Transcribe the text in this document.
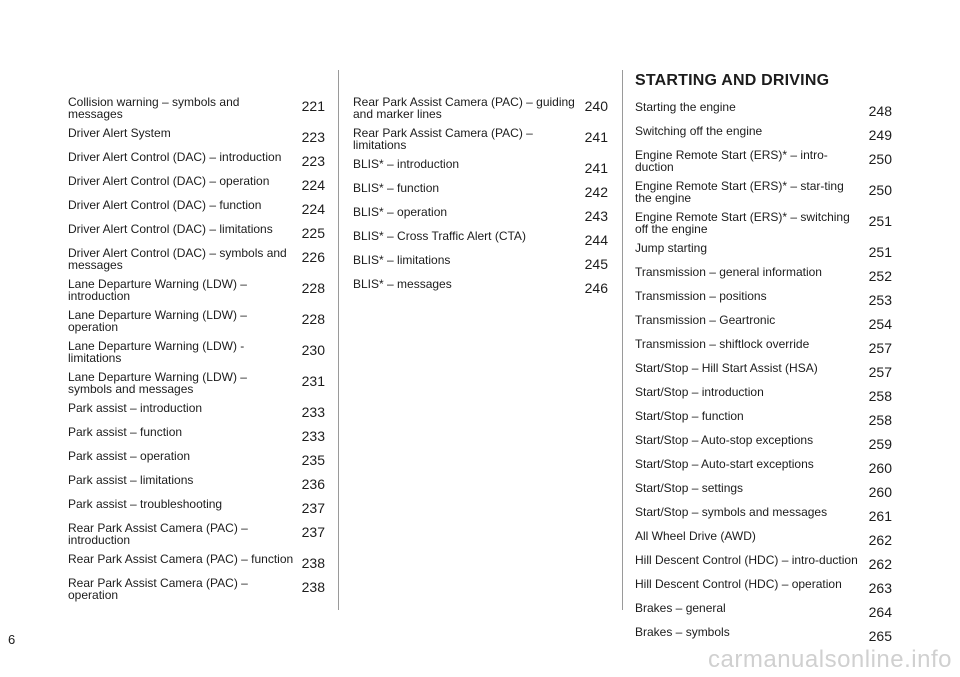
Collision warning – symbols and messages	221
Driver Alert System	223
Driver Alert Control (DAC) – introduction	223
Driver Alert Control (DAC) – operation	224
Driver Alert Control (DAC) – function	224
Driver Alert Control (DAC) – limitations	225
Driver Alert Control (DAC) – symbols and messages	226
Lane Departure Warning (LDW) – introduction	228
Lane Departure Warning (LDW) – operation	228
Lane Departure Warning (LDW) - limitations	230
Lane Departure Warning (LDW) – symbols and messages	231
Park assist – introduction	233
Park assist – function	233
Park assist – operation	235
Park assist – limitations	236
Park assist – troubleshooting	237
Rear Park Assist Camera (PAC) – introduction	237
Rear Park Assist Camera (PAC) – function 238
Rear Park Assist Camera (PAC) – operation	238
Rear Park Assist Camera (PAC) – guiding and marker lines	240
Rear Park Assist Camera (PAC) – limitations	241
BLIS* – introduction	241
BLIS* – function	242
BLIS* – operation	243
BLIS* – Cross Traffic Alert (CTA)	244
BLIS* – limitations	245
BLIS* – messages	246
STARTING AND DRIVING
Starting the engine	248
Switching off the engine	249
Engine Remote Start (ERS)* – intro-duction	250
Engine Remote Start (ERS)* – star-ting the engine	250
Engine Remote Start (ERS)* – switching off the engine	251
Jump starting	251
Transmission – general information	252
Transmission – positions	253
Transmission – Geartronic	254
Transmission – shiftlock override	257
Start/Stop – Hill Start Assist (HSA)	257
Start/Stop – introduction	258
Start/Stop – function	258
Start/Stop – Auto-stop exceptions	259
Start/Stop – Auto-start exceptions	260
Start/Stop – settings	260
Start/Stop – symbols and messages	261
All Wheel Drive (AWD)	262
Hill Descent Control (HDC) – intro-duction 262
Hill Descent Control (HDC) – operation	263
Brakes – general	264
Brakes – symbols	265
6
carmanualsonline.info
